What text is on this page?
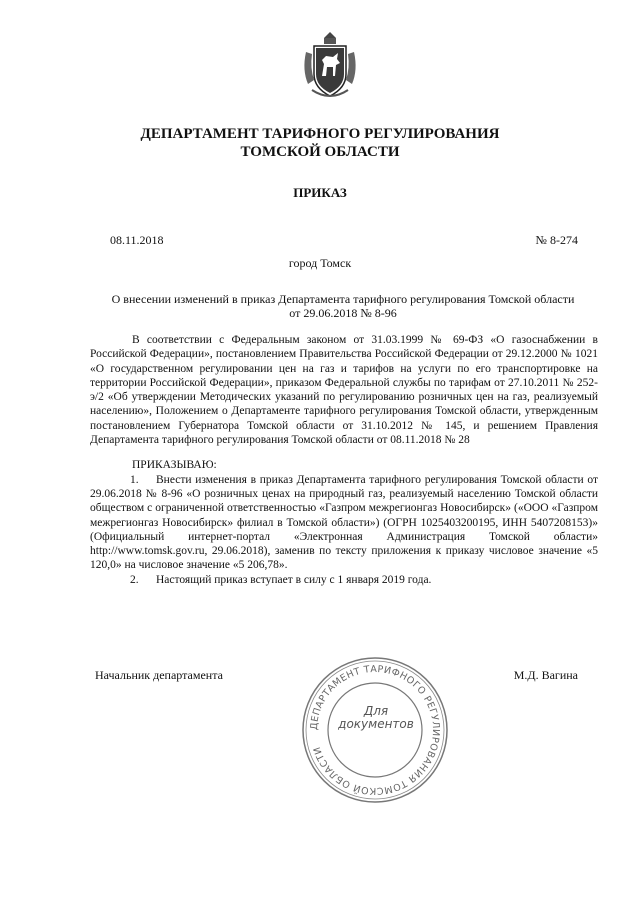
ДЕПАРТАМЕНТ ТАРИФНОГО РЕГУЛИРОВАНИЯ
ТОМСКОЙ ОБЛАСТИ
ПРИКАЗ
08.11.2018	№ 8-274
город Томск
О внесении изменений в приказ Департамента тарифного регулирования Томской области
от 29.06.2018 № 8-96

В соответствии с Федеральным законом от 31.03.1999 № 69-ФЗ «О газоснабжении в Российской Федерации», постановлением Правительства Российской Федерации от 29.12.2000 № 1021 «О государственном регулировании цен на газ и тарифов на услуги по его транспортировке на территории Российской Федерации», приказом Федеральной службы по тарифам от 27.10.2011 № 252-э/2 «Об утверждении Методических указаний по регулированию розничных цен на газ, реализуемый населению», Положением о Департаменте тарифного регулирования Томской области, утвержденным постановлением Губернатора Томской области от 31.10.2012 № 145, и решением Правления Департамента тарифного регулирования Томской области от 08.11.2018 № 28

ПРИКАЗЫВАЮ:

1. Внести изменения в приказ Департамента тарифного регулирования Томской области от 29.06.2018 № 8-96 «О розничных ценах на природный газ, реализуемый населению Томской области обществом с ограниченной ответственностью «Газпром межрегионгаз Новосибирск» («ООО «Газпром межрегионгаз Новосибирск» филиал в Томской области») (ОГРН 1025403200195, ИНН 5407208153)» (Официальный интернет-портал «Электронная Администрация Томской области» http://www.tomsk.gov.ru, 29.06.2018), заменив по тексту приложения к приказу числовое значение «5 120,0» на числовое значение «5 206,78».
2. Настоящий приказ вступает в силу с 1 января 2019 года.
Начальник департамента	М.Д. Вагина
ДЕПАРТАМЕНТ ТАРИФНОГО РЕГУЛИРОВАНИЯ ТОМСКОЙ ОБЛАСТИ
Для
документов
